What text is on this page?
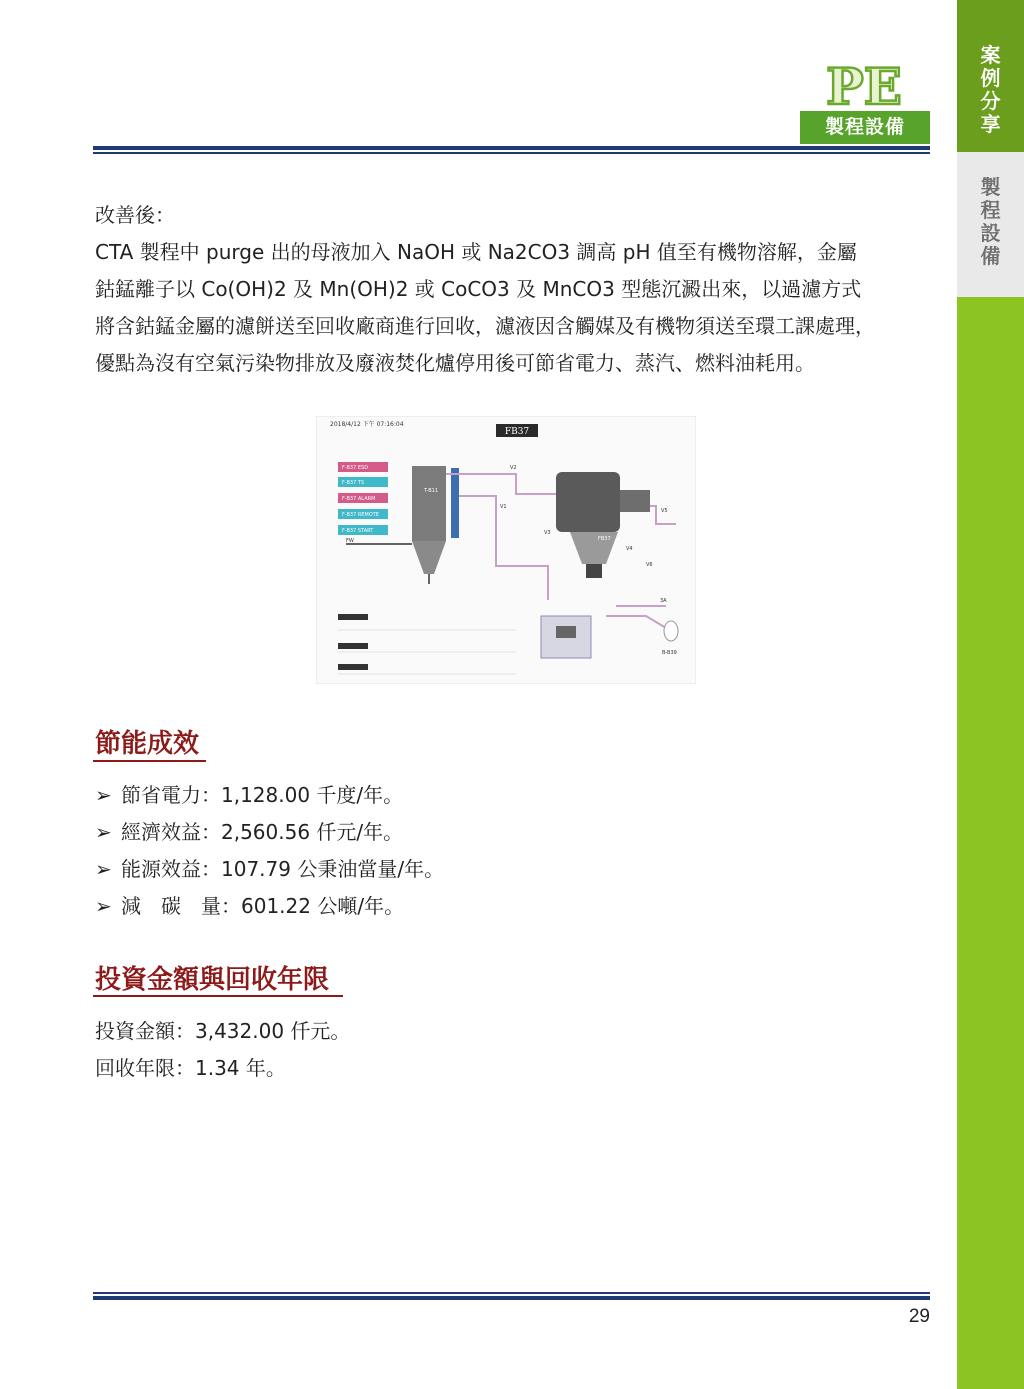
案
例
分
享
製
程
設
備
PE
製程設備
改善後：
CTA 製程中 purge 出的母液加入 NaOH 或 Na2CO3 調高 pH 值至有機物溶解，金屬
鈷錳離子以 Co(OH)2 及 Mn(OH)2 或 CoCO3 及 MnCO3 型態沉澱出來，以過濾方式
將含鈷錳金屬的濾餅送至回收廠商進行回收，濾液因含觸媒及有機物須送至環工課處理，
優點為沒有空氣污染物排放及廢液焚化爐停用後可節省電力、蒸汽、燃料油耗用。
2018/4/12 下午 07:16:04
FB37
F-B37 ESD
F-B37 TS
F-B37 ALARM
F-B37 REMOTE
F-B37 START
T-B11
FW
V1
V2
V3
V4
V5
V6
FB37
B-B39
3A
節能成效
➢ 節省電力：1,128.00 千度/年。
➢ 經濟效益：2,560.56 仟元/年。
➢ 能源效益：107.79 公秉油當量/年。
➢ 減　碳　量：601.22 公噸/年。
投資金額與回收年限
投資金額：3,432.00 仟元。
回收年限：1.34 年。
29
